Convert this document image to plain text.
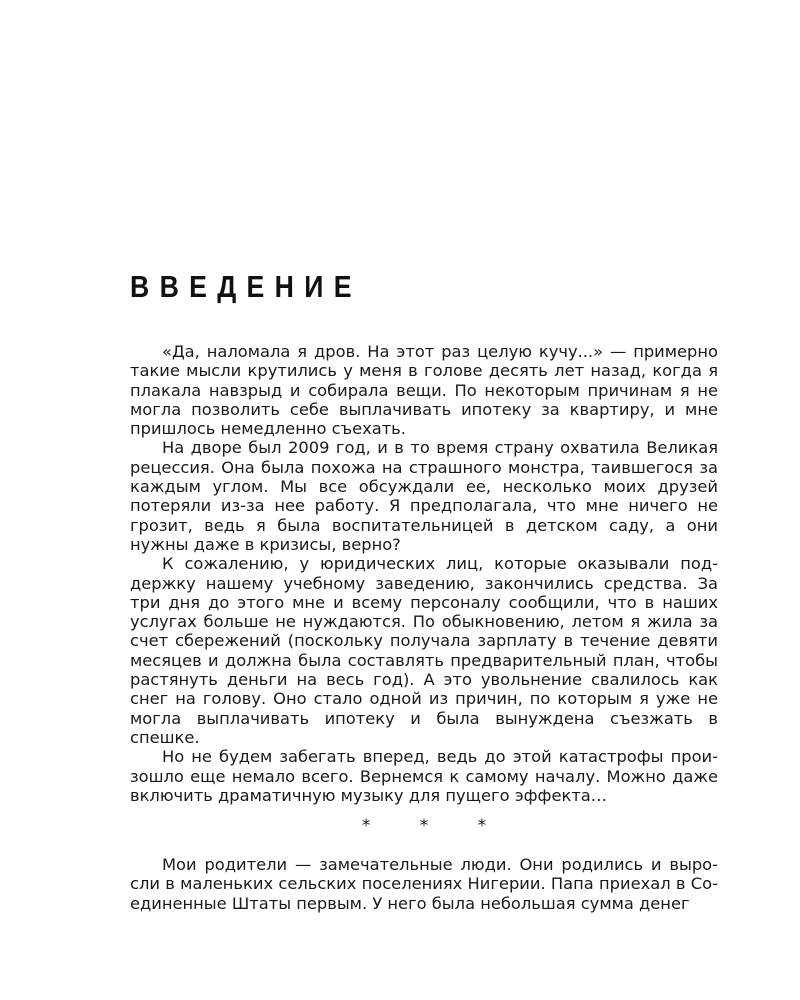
ВВЕДЕНИЕ

«Да, наломала я дров. На этот раз целую кучу...» — примерно такие мысли крутились у меня в голове десять лет назад, когда я плакала навзрыд и собирала вещи. По некоторым причинам я не могла позволить себе выплачивать ипотеку за квартиру, и мне пришлось немедленно съехать.

На дворе был 2009 год, и в то время страну охватила Великая рецессия. Она была похожа на страшного монстра, таившегося за каждым углом. Мы все обсуждали ее, несколько моих друзей потеряли из-за нее работу. Я предполагала, что мне ничего не грозит, ведь я была воспитательницей в детском саду, а они нужны даже в кризисы, верно?

К сожалению, у юридических лиц, которые оказывали поддержку нашему учебному заведению, закончились средства. За три дня до этого мне и всему персоналу сообщили, что в наших услугах больше не нуждаются. По обыкновению, летом я жила за счет сбережений (поскольку получала зарплату в течение девяти месяцев и должна была составлять предварительный план, чтобы растянуть деньги на весь год). А это увольнение свалилось как снег на голову. Оно стало одной из причин, по которым я уже не могла выплачивать ипотеку и была вынуждена съезжать в спешке.

Но не будем забегать вперед, ведь до этой катастрофы произошло еще немало всего. Вернемся к самому началу. Можно даже включить драматичную музыку для пущего эффекта…

* * *

Мои родители — замечательные люди. Они родились и выросли в маленьких сельских поселениях Нигерии. Папа приехал в Соединенные Штаты первым. У него была небольшая сумма денег
